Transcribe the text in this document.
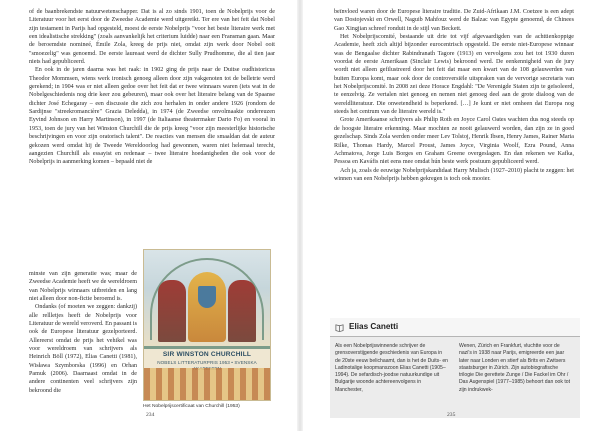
of de baanbrekendste natuurwetenschapper. Dat is al zo sinds 1901, toen de Nobelprijs voor de Literatuur voor het eerst door de Zweedse Academie werd uitgereikt. Ter ere van het feit dat Nobel zijn testament in Parijs had opgesteld, moest de eerste Nobelprijs "voor het beste literaire werk met een idealistische strekking" (zoals aanvankelijk het criterium luidde) naar een Fransman gaan. Maar de beroemdste nomineé, Émile Zola, kreeg de prijs niet, omdat zijn werk door Nobel ooit "smoezelig" was genoemd. De eerste laureaat werd de dichter Sully Prudhomme, die al tien jaar niets had gepubliceerd.

En ook in de jaren daarna was het raak: in 1902 ging de prijs naar de Duitse oudhistoricus Theodor Mommsen, wiens werk ironisch genoeg alleen door zijn vakgenoten tot de belletrie werd gerekend; in 1904 was er niet alleen gedoe over het feit dat er twee winnaars waren (iets wat in de Nobelgeschiedenis nog drie keer zou gebeuren), maar ook over het literaire belang van de Spaanse dichter José Echegaray – een discussie die zich zou herhalen in onder andere 1926 (rondom de Sardijnse "streekromancière" Grazia Deledda), in 1974 (de Zweedse onvolmaakte ondereuzen Eyvind Johnson en Harry Martinson), in 1997 (de Italiaanse theatermaker Dario Fo) en vooral in 1953, toen de jury van het Winston Churchill die de prijs kreeg "voor zijn meesterlijke historische beschrijvingen en voor zijn oratorisch talent". De reacties van mensen die smaaldan dat de auteur gekozen werd omdat hij de Tweede Wereldoorlog had gewonnen, waren niet helemaal terecht, aangezien Churchill als essayist en redenaar – twee literaire hoedanigheden die ook voor de Nobelprijs in aanmerking komen – bepaald niet de

minste van zijn generatie was; maar de Zweedse Academie heeft we de wereldroem van Nobelprijs winnaars uitbreiden en lang niet alleen door non-fictie beroemd is.

Ondanks (of moeten we zeggen: dankzij) alle rellletjes heeft de Nobelprijs voor Literatuur de wereld veroverd. En passant is ook de Europese literatuur gezelporteerd. Allereerst omdat de prijs het vehikel was voor wereldroem van schrijvers als Heinrich Böll (1972), Elias Canetti (1981), Wisława Szymborska (1996) en Orhan Pamuk (2006). Daarnaast omdat in de andere continenten veel schrijvers zijn bekroond die

SIR WINSTON CHURCHILL

NOBELS LITTERATURPRIS 1953 • SVENSKA

Het Nobelprijscertificaat van Churchill (1953)

234

beïnvloed waren door de Europese literaire traditie. De Zuid-Afrikaan J.M. Coetzee is een adept van Dostojevski en Orwell, Naguib Mahfouz werd de Balzac van Egypte genoemd, de Chinees Gao Xingjian schreef ronduit in de stijl van Beckett.

Het Nobelprijscomité, bestaande uit drie tot vijf afgevaardigden van de achttienkoppige Academie, heeft zich altijd bijzonder eurocentrisch opgesteld. De eerste niet-Europese winnaar was de Bengaalse dichter Rabindranath Tagore (1913) en vervolgens zou het tot 1930 duren voordat de eerste Amerikaan (Sinclair Lewis) bekroond werd. De eenkennigheid van de jury wordt niet alleen gefilustreerd door het feit dat maar een kwart van de 108 gelauwerden van buiten Europa komt, maar ook door de controversiële uitspraken van de vervorige secretaris van het Nobelprijscomité. In 2008 zei deze Horace Engdahl: "De Verenigde Staten zijn te geïsoleerd, te eenzelvig. Ze vertalen niet genoeg en nemen niet genoeg deel aan de grote dialoog van de wereldliteratuur. Die onwetendheid is beperkend. […] Je kunt er niet omheen dat Europa nog steeds het centrum van de literaire wereld is."

Grote Amerikaanse schrijvers als Philip Roth en Joyce Carol Oates wachten dus nog steeds op de hoogste literaire erkenning. Maar mochten ze nooit gelauwerd worden, dan zijn ze in goed gezelschap. Sinds Zola werden onder meer Lev Tolstoj, Henrik Ibsen, Henry James, Rainer Maria Rilke, Thomas Hardy, Marcel Proust, James Joyce, Virginia Woolf, Ezra Pound, Anna Achmatova, Jorge Luis Borges en Graham Greene overgeslagen. En dan rekenen we Kafka, Pessoa en Kaváfis niet eens mee omdat hún beste werk postuum gepubliceerd werd.

Ach ja, zoals de eeuwige Nobelprijskandidaat Harry Mulisch (1927–2010) placht te zeggen: het winnen van een Nobelprijs hebben gekregen is toch ook mooier.

Elias Canetti

Als een Nobelprijswinnende schrijver de grensoverstijgende geschiedenis van Europa in de 20ste eeuw belichaamt, dan is het de Duits- en Ladinotalige koopmanszoon Elias Canetti (1905–1994). De sefardisch-joodse natuurkundige uit Bulgarije woonde achtereenvolgens in Manchester,

Wenen, Zürich en Frankfurt, vluchtte voor de nazi's in 1938 naar Parijs, emigreerde een jaar later naar Londen en stierf als Brits en Zwitsers staatsburger in Zürich. Zijn autobiografische trilogie Die gerettete Zunge / Die Fackel im Ohr / Das Augenspiel (1977–1985) behoort dan ook tot zijn indrukwek-

235
